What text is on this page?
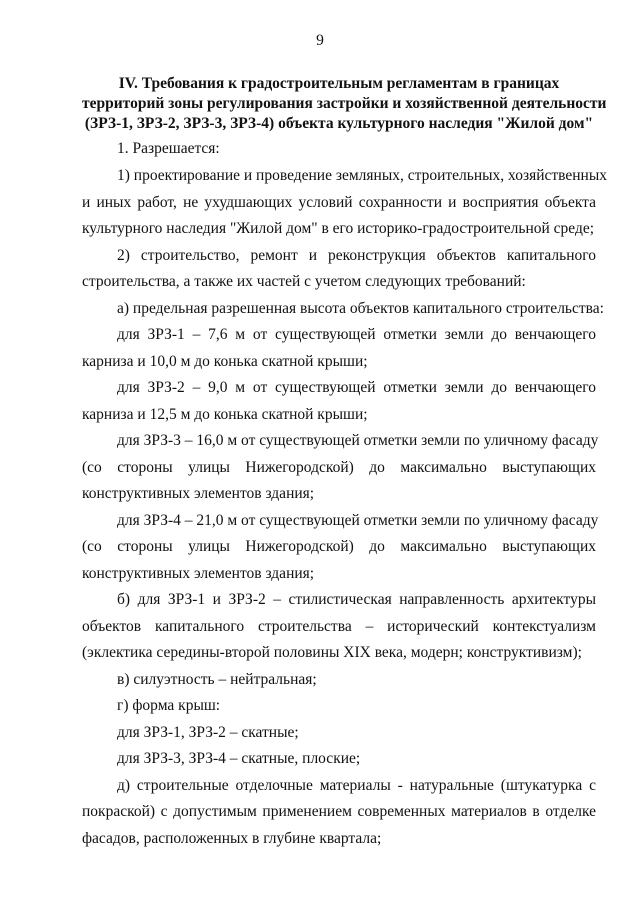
9
IV. Требования к градостроительным регламентам в границах
территорий зоны регулирования застройки и хозяйственной деятельности
(ЗРЗ-1, ЗРЗ-2, ЗРЗ-3, ЗРЗ-4) объекта культурного наследия "Жилой дом"
1. Разрешается:
1) проектирование и проведение земляных, строительных, хозяйственных
и иных работ, не ухудшающих условий сохранности и восприятия объекта
культурного наследия "Жилой дом" в его историко-градостроительной среде;
2) строительство, ремонт и реконструкция объектов капитального
строительства, а также их частей с учетом следующих требований:
а) предельная разрешенная высота объектов капитального строительства:
для ЗРЗ-1 – 7,6 м от существующей отметки земли до венчающего
карниза и 10,0 м до конька скатной крыши;
для ЗРЗ-2 – 9,0 м от существующей отметки земли до венчающего
карниза и 12,5 м до конька скатной крыши;
для ЗРЗ-3 – 16,0 м от существующей отметки земли по уличному фасаду
(со стороны улицы Нижегородской) до максимально выступающих
конструктивных элементов здания;
для ЗРЗ-4 – 21,0 м от существующей отметки земли по уличному фасаду
(со стороны улицы Нижегородской) до максимально выступающих
конструктивных элементов здания;
б) для ЗРЗ-1 и ЗРЗ-2 – стилистическая направленность архитектуры
объектов капитального строительства – исторический контекстуализм
(эклектика середины-второй половины XIX века, модерн; конструктивизм);
в) силуэтность – нейтральная;
г) форма крыш:
для ЗРЗ-1, ЗРЗ-2 – скатные;
для ЗРЗ-3, ЗРЗ-4 – скатные, плоские;
д) строительные отделочные материалы - натуральные (штукатурка с
покраской) с допустимым применением современных материалов в отделке
фасадов, расположенных в глубине квартала;
